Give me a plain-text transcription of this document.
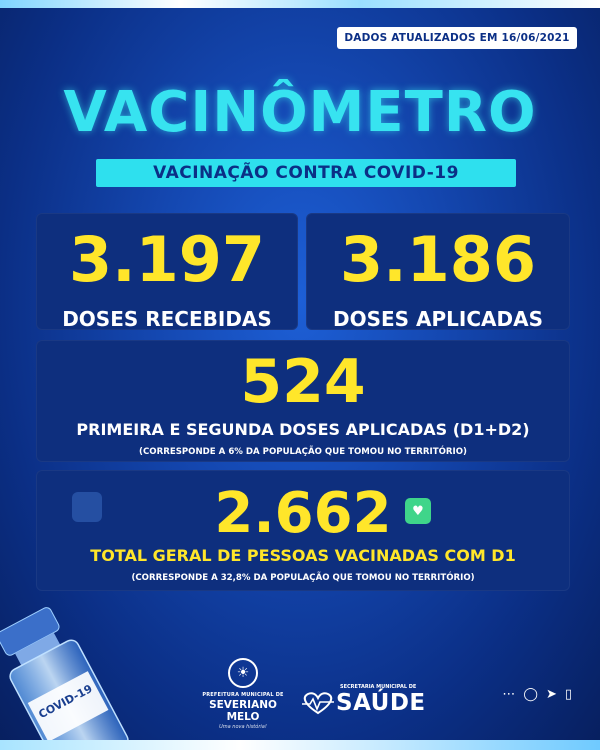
DADOS ATUALIZADOS EM 16/06/2021
VACINÔMETRO
VACINAÇÃO CONTRA COVID-19
3.197
DOSES RECEBIDAS
3.186
DOSES APLICADAS
524
PRIMEIRA E SEGUNDA DOSES APLICADAS (D1+D2)
(CORRESPONDE A 6% DA POPULAÇÃO QUE TOMOU NO TERRITÓRIO)
2.662
TOTAL GERAL DE PESSOAS VACINADAS COM D1
(CORRESPONDE A 32,8% DA POPULAÇÃO QUE TOMOU NO TERRITÓRIO)
♥
COVID-19
☀
PREFEITURA MUNICIPAL DE
SEVERIANO MELO
Uma nova história!
SECRETARIA MUNICIPAL DE
SAÚDE	⋯ ◯ ➤ ▯
